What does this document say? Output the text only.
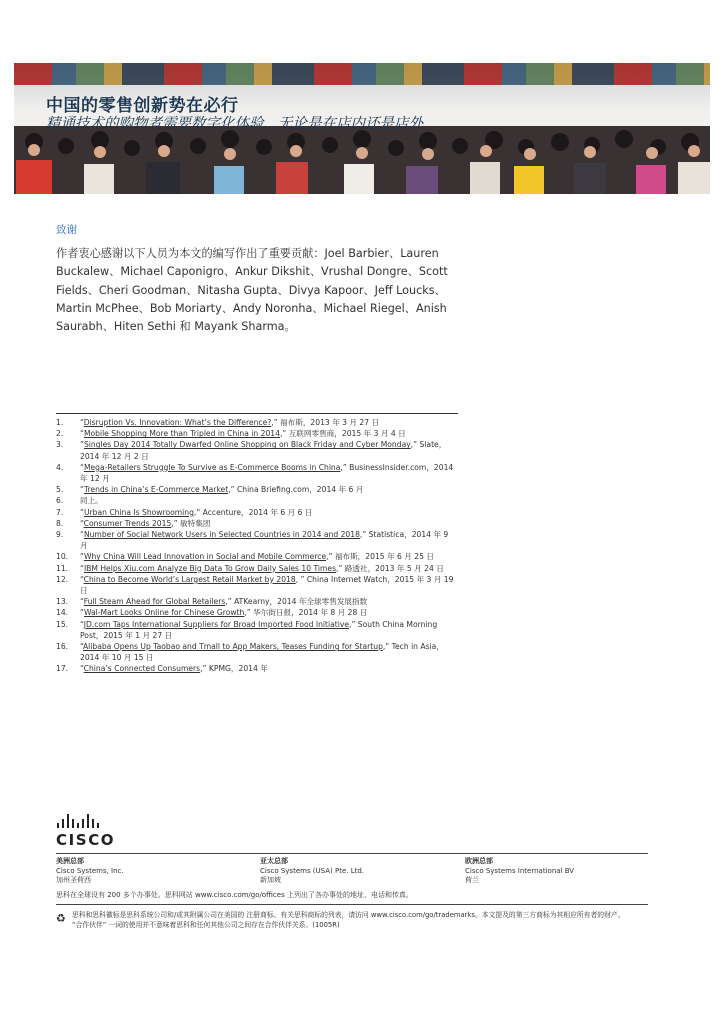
中国的零售创新势在必行
精通技术的购物者需要数字化体验，无论是在店内还是店外
致谢
作者衷心感谢以下人员为本文的编写作出了重要贡献：Joel Barbier、Lauren Buckalew、Michael Caponigro、Ankur Dikshit、Vrushal Dongre、Scott Fields、Cheri Goodman、Nitasha Gupta、Divya Kapoor、Jeff Loucks、Martin McPhee、Bob Moriarty、Andy Noronha、Michael Riegel、Anish Saurabh、Hiten Sethi 和 Mayank Sharma。
1.	“Disruption Vs. Innovation: What’s the Difference?,” 福布斯，2013 年 3 月 27 日
2.	“Mobile Shopping More than Tripled in China in 2014,” 互联网零售商，2015 年 3 月 4 日
3.	“Singles Day 2014 Totally Dwarfed Online Shopping on Black Friday and Cyber Monday,” Slate，2014 年 12 月 2 日
4.	“Mega-Retailers Struggle To Survive as E-Commerce Booms in China,” BusinessInsider.com，2014 年 12 月
5.	“Trends in China’s E-Commerce Market,” China Briefing.com，2014 年 6 月
6.	同上。
7.	“Urban China Is Showrooming,” Accenture，2014 年 6 月 6 日
8.	“Consumer Trends 2015,” 敏特集团
9.	“Number of Social Network Users in Selected Countries in 2014 and 2018,” Statistica，2014 年 9 月
10.	“Why China Will Lead Innovation in Social and Mobile Commerce,” 福布斯，2015 年 6 月 25 日
11.	“IBM Helps Xiu.com Analyze Big Data To Grow Daily Sales 10 Times,” 路透社，2013 年 5 月 24 日
12.	“China to Become World’s Largest Retail Market by 2018, ” China Internet Watch，2015 年 3 月 19 日
13.	“Full Steam Ahead for Global Retailers,” ATKearny，2014 年全球零售发展指数
14.	“Wal-Mart Looks Online for Chinese Growth,” 华尔街日报，2014 年 8 月 28 日
15.	“JD.com Taps International Suppliers for Broad Imported Food Initiative,” South China Morning Post，2015 年 1 月 27 日
16.	“Alibaba Opens Up Taobao and Tmall to App Makers, Teases Funding for Startup,” Tech in Asia，2014 年 10 月 15 日
17.	“China’s Connected Consumers,” KPMG，2014 年
CISCO
美洲总部
Cisco Systems, Inc.
加州圣荷西
亚太总部
Cisco Systems (USA) Pte. Ltd.
新加坡
欧洲总部
Cisco Systems International BV
荷兰
思科在全球设有 200 多个办事处。思科网站 www.cisco.com/go/offices 上列出了各办事处的地址、电话和传真。
♻ 思科和思科徽标是思科系统公司和/或其附属公司在美国的 注册商标。有关思科商标的列表，请访问 www.cisco.com/go/trademarks。本文提及的第三方商标为其相应所有者的财产。
“合作伙伴” 一词的使用并不意味着思科和任何其他公司之间存在合作伙伴关系。(1005R)
